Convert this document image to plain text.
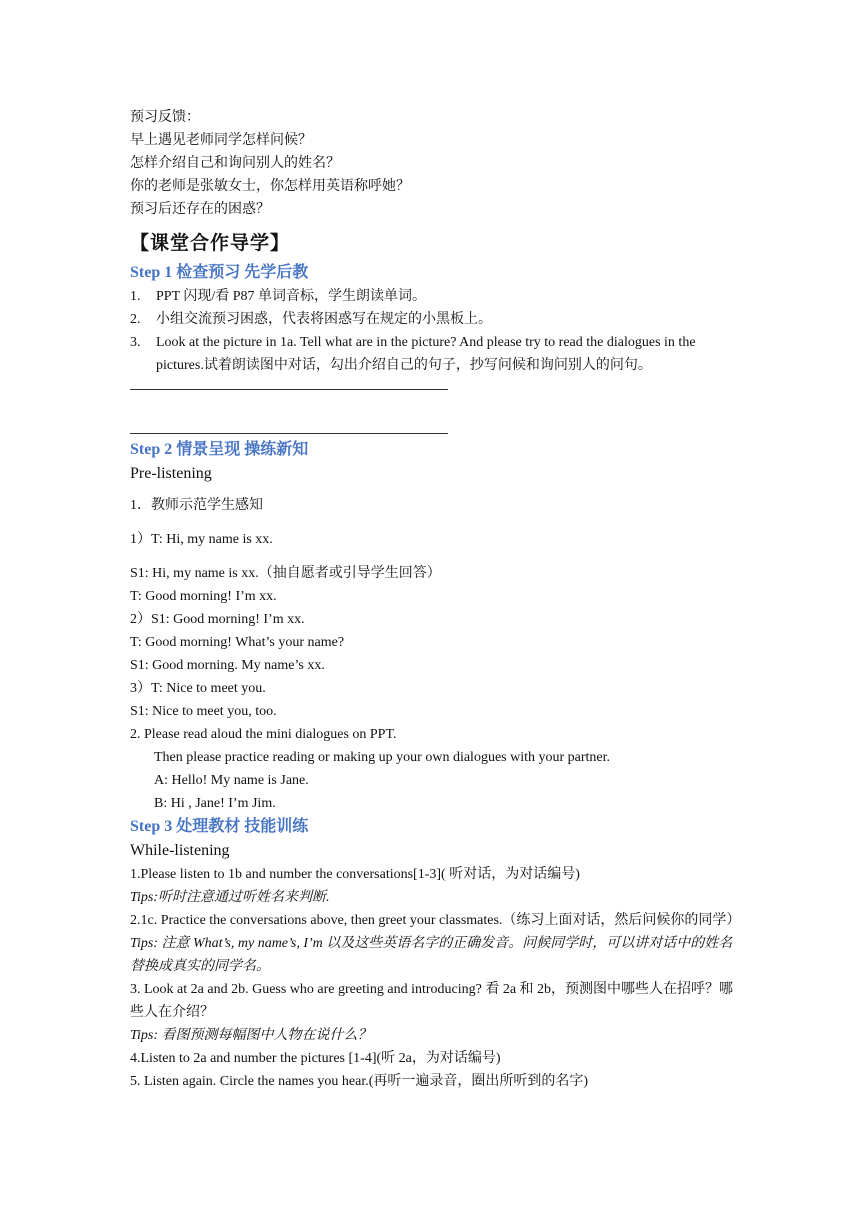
预习反馈：
早上遇见老师同学怎样问候？
怎样介绍自己和询问别人的姓名？
你的老师是张敏女士，你怎样用英语称呼她？
预习后还存在的困惑？
【课堂合作导学】
Step 1 检查预习 先学后教
1.	PPT 闪现/看 P87 单词音标，学生朗读单词。
2.	小组交流预习困惑，代表将困惑写在规定的小黑板上。
3.	Look at the picture in 1a. Tell what are in the picture? And please try to read the dialogues in the pictures.试着朗读图中对话，勾出介绍自己的句子，抄写问候和询问别人的问句。
Step 2 情景呈现 操练新知
Pre-listening
1．教师示范学生感知
1）T: Hi, my name is xx.
S1: Hi, my name is xx.（抽自愿者或引导学生回答）
T: Good morning! I’m xx.
2）S1: Good morning! I’m xx.
T: Good morning! What’s your name?
S1: Good morning. My name’s xx.
3）T: Nice to meet you.
S1: Nice to meet you, too.
2. Please read aloud the mini dialogues on PPT.
Then please practice reading or making up your own dialogues with your partner.
A: Hello! My name is Jane.
B: Hi , Jane! I’m Jim.
Step 3 处理教材 技能训练
While-listening
1.Please listen to 1b and number the conversations[1-3]( 听对话，为对话编号)
Tips:听时注意通过听姓名来判断.
2.1c. Practice the conversations above, then greet your classmates.（练习上面对话，然后问候你的同学）
Tips: 注意 What’s, my name’s, I’m 以及这些英语名字的正确发音。问候同学时，可以讲对话中的姓名替换成真实的同学名。
3. Look at 2a and 2b. Guess who are greeting and introducing? 看 2a 和 2b，预测图中哪些人在招呼？哪些人在介绍？
Tips: 看图预测每幅图中人物在说什么？
4.Listen to 2a and number the pictures [1-4](听 2a，为对话编号)
5. Listen again. Circle the names you hear.(再听一遍录音，圈出所听到的名字)
